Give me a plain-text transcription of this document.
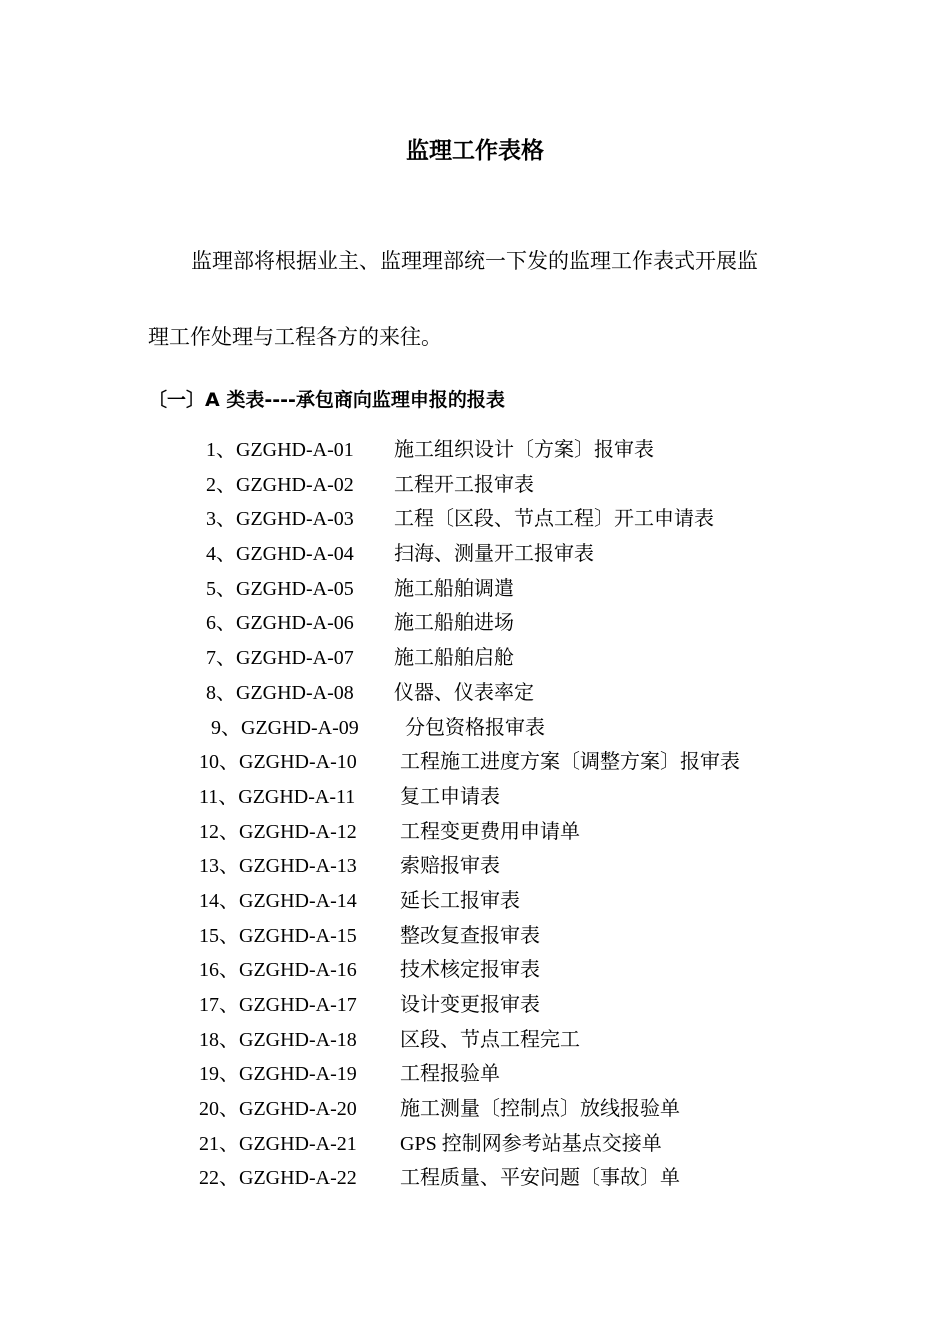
监理工作表格
监理部将根据业主、监理理部统一下发的监理工作表式开展监
理工作处理与工程各方的来往。
〔一〕A 类表----承包商向监理申报的报表
1、GZGHD-A-01 施工组织设计〔方案〕报审表
2、GZGHD-A-02 工程开工报审表
3、GZGHD-A-03 工程〔区段、节点工程〕开工申请表
4、GZGHD-A-04 扫海、测量开工报审表
5、GZGHD-A-05 施工船舶调遣
6、GZGHD-A-06 施工船舶进场
7、GZGHD-A-07 施工船舶启舱
8、GZGHD-A-08 仪器、仪表率定
9、GZGHD-A-09 分包资格报审表
10、GZGHD-A-10 工程施工进度方案〔调整方案〕报审表
11、GZGHD-A-11 复工申请表
12、GZGHD-A-12 工程变更费用申请单
13、GZGHD-A-13 索赔报审表
14、GZGHD-A-14 延长工报审表
15、GZGHD-A-15 整改复查报审表
16、GZGHD-A-16 技术核定报审表
17、GZGHD-A-17 设计变更报审表
18、GZGHD-A-18 区段、节点工程完工
19、GZGHD-A-19 工程报验单
20、GZGHD-A-20 施工测量〔控制点〕放线报验单
21、GZGHD-A-21 GPS 控制网参考站基点交接单
22、GZGHD-A-22 工程质量、平安问题〔事故〕单
